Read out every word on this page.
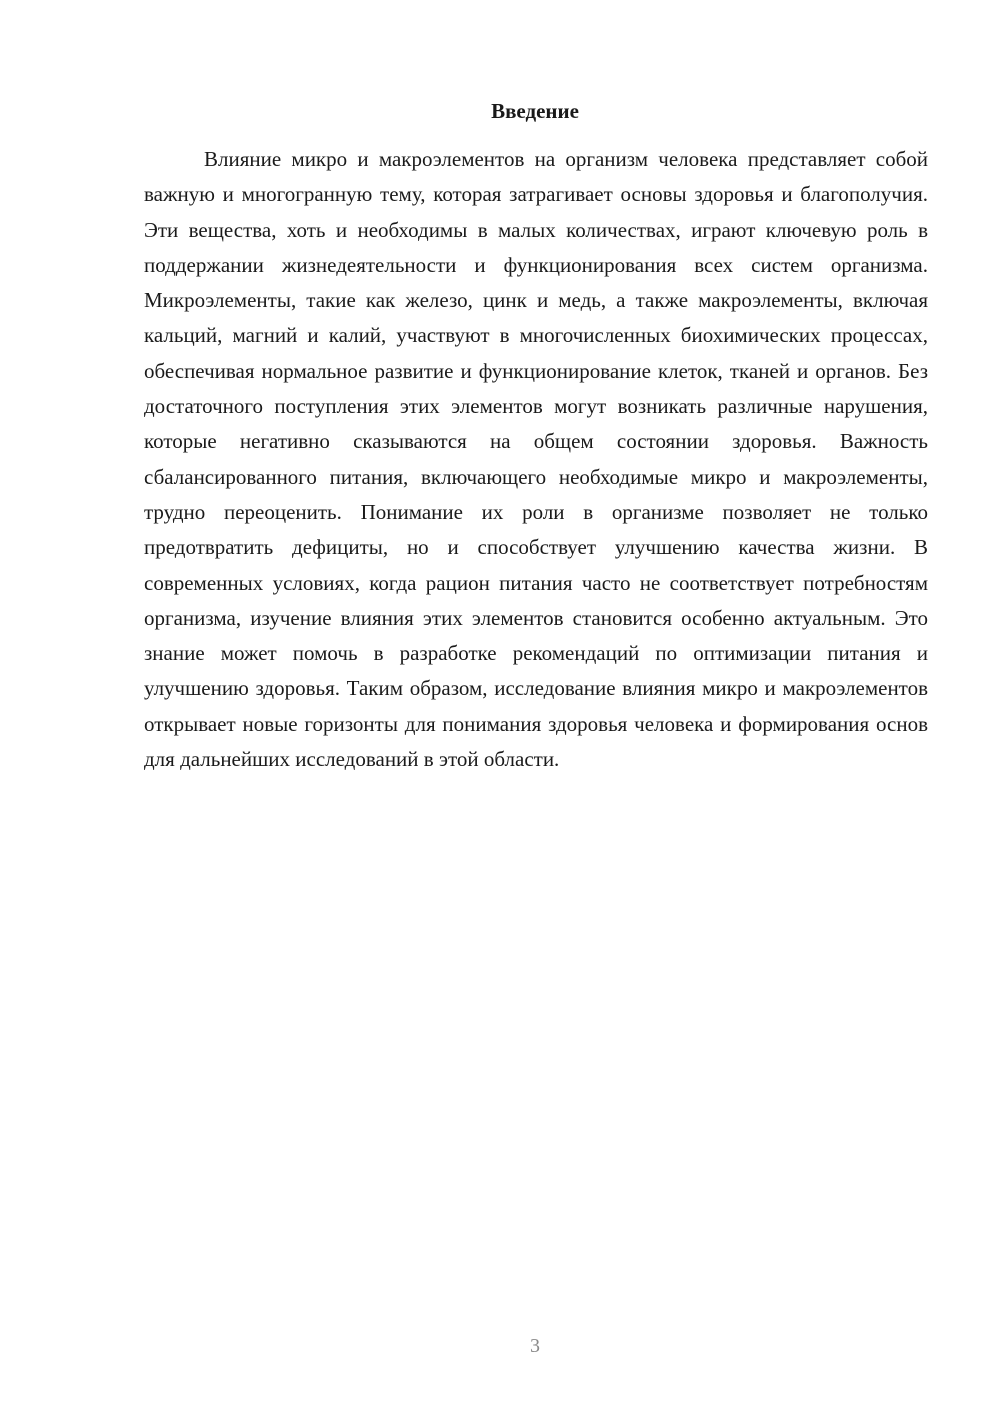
Введение

Влияние микро и макроэлементов на организм человека представляет собой важную и многогранную тему, которая затрагивает основы здоровья и благополучия. Эти вещества, хоть и необходимы в малых количествах, играют ключевую роль в поддержании жизнедеятельности и функционирования всех систем организма. Микроэлементы, такие как железо, цинк и медь, а также макроэлементы, включая кальций, магний и калий, участвуют в многочисленных биохимических процессах, обеспечивая нормальное развитие и функционирование клеток, тканей и органов. Без достаточного поступления этих элементов могут возникать различные нарушения, которые негативно сказываются на общем состоянии здоровья. Важность сбалансированного питания, включающего необходимые микро и макроэлементы, трудно переоценить. Понимание их роли в организме позволяет не только предотвратить дефициты, но и способствует улучшению качества жизни. В современных условиях, когда рацион питания часто не соответствует потребностям организма, изучение влияния этих элементов становится особенно актуальным. Это знание может помочь в разработке рекомендаций по оптимизации питания и улучшению здоровья. Таким образом, исследование влияния микро и макроэлементов открывает новые горизонты для понимания здоровья человека и формирования основ для дальнейших исследований в этой области.

3
